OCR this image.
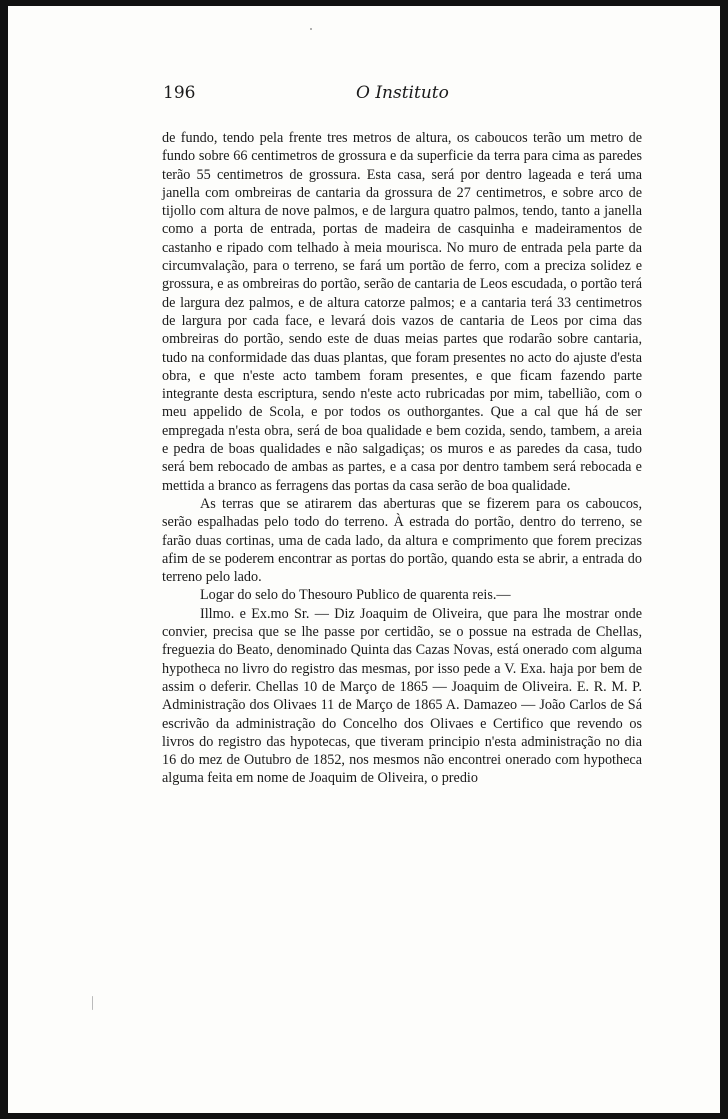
196	O Instituto

de fundo, tendo pela frente tres metros de altura, os caboucos terão um metro de fundo sobre 66 centimetros de grossura e da superficie da terra para cima as paredes terão 55 centimetros de grossura. Esta casa, será por dentro lageada e terá uma janella com ombreiras de cantaria da grossura de 27 centimetros, e sobre arco de tijollo com altura de nove palmos, e de largura quatro palmos, tendo, tanto a janella como a porta de entrada, portas de madeira de casquinha e madeiramentos de castanho e ripado com telhado à meia mourisca. No muro de entrada pela parte da circumvalação, para o terreno, se fará um portão de ferro, com a preciza solidez e grossura, e as ombreiras do portão, serão de cantaria de Leos escudada, o portão terá de largura dez palmos, e de altura catorze palmos; e a cantaria terá 33 centimetros de largura por cada face, e levará dois vazos de cantaria de Leos por cima das ombreiras do portão, sendo este de duas meias partes que rodarão sobre cantaria, tudo na conformidade das duas plantas, que foram presentes no acto do ajuste d'esta obra, e que n'este acto tambem foram presentes, e que ficam fazendo parte integrante desta escriptura, sendo n'este acto rubricadas por mim, tabellião, com o meu appelido de Scola, e por todos os outhorgantes. Que a cal que há de ser empregada n'esta obra, será de boa qualidade e bem cozida, sendo, tambem, a areia e pedra de boas qualidades e não salgadiças; os muros e as paredes da casa, tudo será bem rebocado de ambas as partes, e a casa por dentro tambem será rebocada e mettida a branco as ferragens das portas da casa serão de boa qualidade.

As terras que se atirarem das aberturas que se fizerem para os caboucos, serão espalhadas pelo todo do terreno. À estrada do portão, dentro do terreno, se farão duas cortinas, uma de cada lado, da altura e comprimento que forem precizas afim de se poderem encontrar as portas do portão, quando esta se abrir, a entrada do terreno pelo lado.

Logar do selo do Thesouro Publico de quarenta reis.—

Illmo. e Ex.mo Sr. — Diz Joaquim de Oliveira, que para lhe mostrar onde convier, precisa que se lhe passe por certidão, se o possue na estrada de Chellas, freguezia do Beato, denominado Quinta das Cazas Novas, está onerado com alguma hypotheca no livro do registro das mesmas, por isso pede a V. Exa. haja por bem de assim o deferir. Chellas 10 de Março de 1865 — Joaquim de Oliveira. E. R. M. P. Administração dos Olivaes 11 de Março de 1865 A. Damazeo — João Carlos de Sá escrivão da administração do Concelho dos Olivaes e Certifico que revendo os livros do registro das hypotecas, que tiveram principio n'esta administração no dia 16 do mez de Outubro de 1852, nos mesmos não encontrei onerado com hypotheca alguma feita em nome de Joaquim de Oliveira, o predio
